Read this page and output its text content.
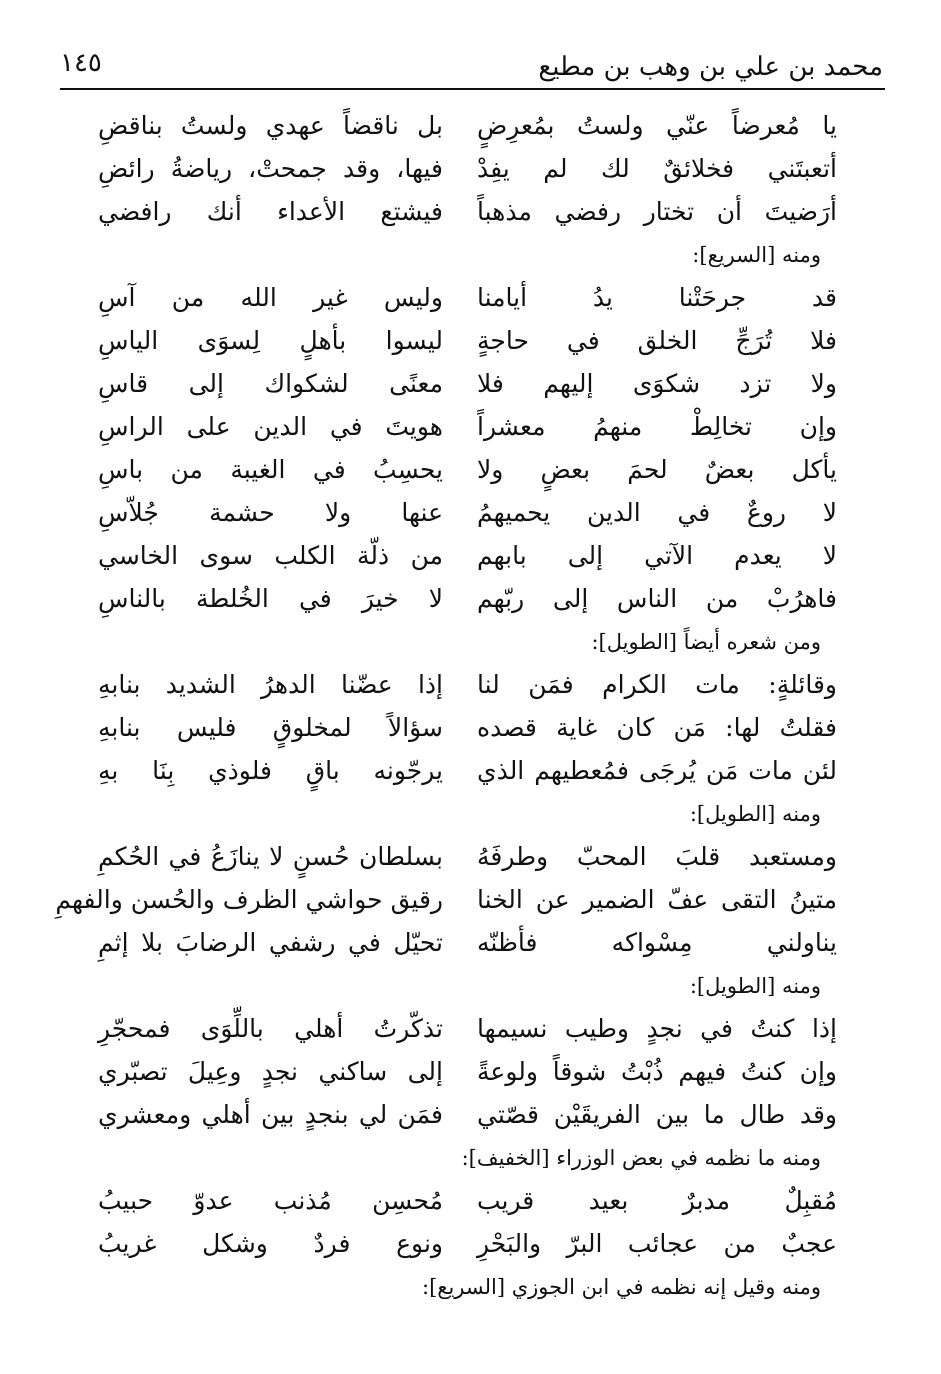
محمد بن علي بن وهب بن مطيع
١٤٥
يا مُعرضاً عنّي ولستُ بمُعرِضٍ
بل ناقضاً عهدي ولستُ بناقضِ
أتعبتَني فخلائقٌ لك لم يفِدْ
فيها، وقد جمحتْ، رياضةُ رائضِ
أرَضيتَ أن تختار رفضي مذهباً
فيشتع الأعداء أنك رافضي
ومنه [السريع]:
قد جرحَتْنا يدُ أيامنا
وليس غير الله من آسِ
فلا تُرَجِّ الخلق في حاجةٍ
ليسوا بأهلٍ لِسوَى الياسِ
ولا تزد شكوَى إليهم فلا
معنًى لشكواك إلى قاسِ
وإن تخالِطْ منهمُ معشراً
هويتَ في الدين على الراسِ
يأكل بعضٌ لحمَ بعضٍ ولا
يحسِبُ في الغيبة من باسِ
لا روعٌ في الدين يحميهمُ
عنها ولا حشمة جُلاّسِ
لا يعدم الآتي إلى بابهم
من ذلّة الكلب سوى الخاسي
فاهرُبْ من الناس إلى ربّهم
لا خيرَ في الخُلطة بالناسِ
ومن شعره أيضاً [الطويل]:
وقائلةٍ: مات الكرام فمَن لنا
إذا عضّنا الدهرُ الشديد بنابهِ
فقلتُ لها: مَن كان غاية قصده
سؤالاً لمخلوقٍ فليس بنابهِ
لئن مات مَن يُرجَى فمُعطيهم الذي
يرجّونه باقٍ فلوذي بِنَا بهِ
ومنه [الطويل]:
ومستعبد قلبَ المحبّ وطرفَهُ
بسلطان حُسنٍ لا ينازَعُ في الحُكمِ
متينُ التقى عفّ الضمير عن الخنا
رقيق حواشي الظرف والحُسن والفهمِ
يناولني مِسْواكه فأظنّه
تحيّل في رشفي الرضابَ بلا إثمِ
ومنه [الطويل]:
إذا كنتُ في نجدٍ وطيب نسيمها
تذكّرتُ أهلي باللِّوَى فمحجّرِ
وإن كنتُ فيهم ذُبْتُ شوقاً ولوعةً
إلى ساكني نجدٍ وعِيلَ تصبّري
وقد طال ما بين الفريقَيْن قصّتي
فمَن لي بنجدٍ بين أهلي ومعشري
ومنه ما نظمه في بعض الوزراء [الخفيف]:
مُقبِلٌ مدبرٌ بعيد قريب
مُحسِن مُذنب عدوّ حبيبُ
عجبٌ من عجائب البرّ والبَحْرِ
ونوع فردٌ وشكل غريبُ
ومنه وقيل إنه نظمه في ابن الجوزي [السريع]:
